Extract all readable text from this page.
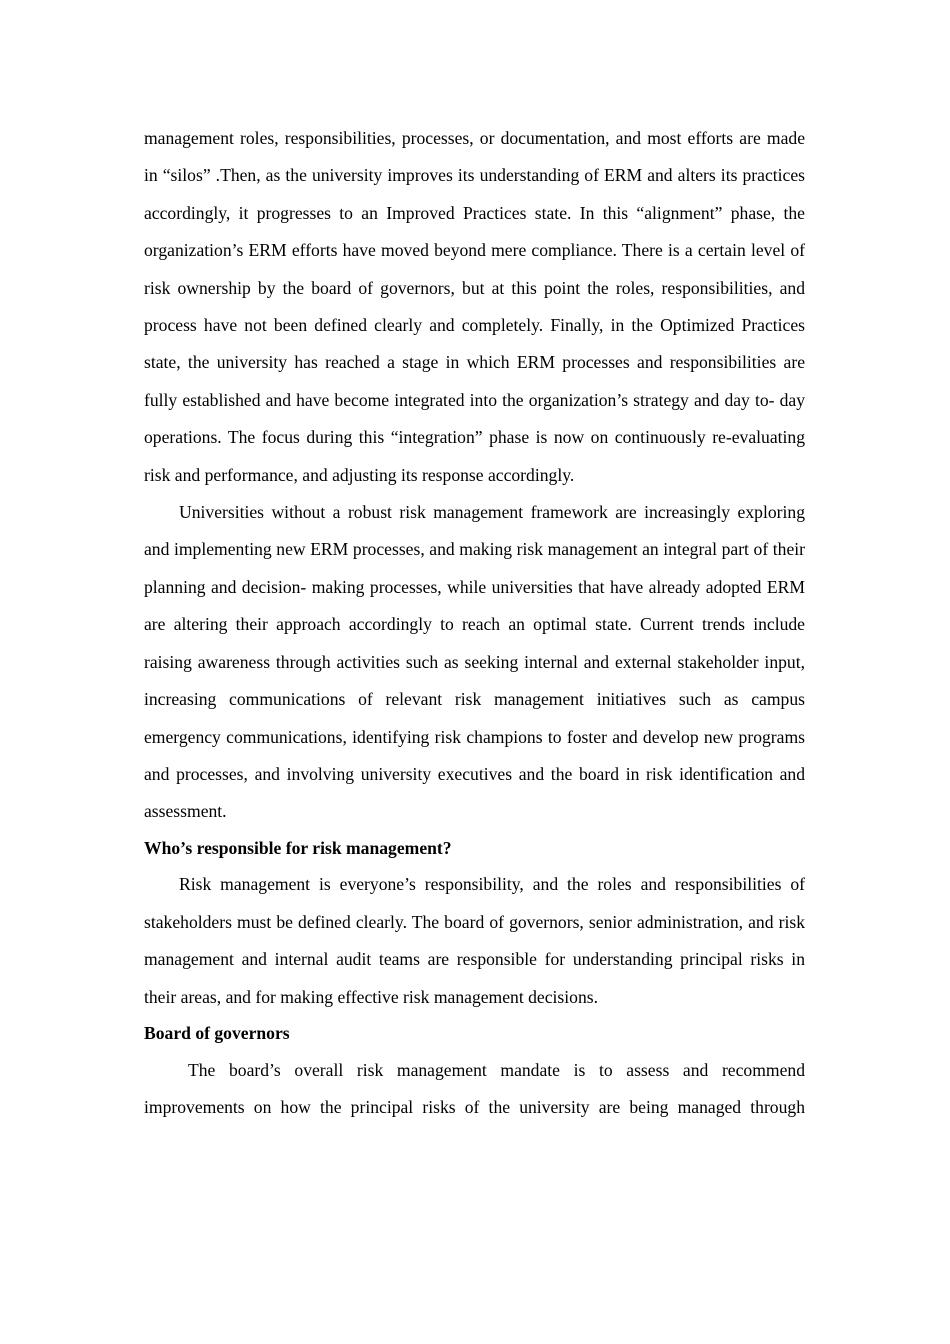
management roles, responsibilities, processes, or documentation, and most efforts are made in “silos” .Then, as the university improves its understanding of ERM and alters its practices accordingly, it progresses to an Improved Practices state. In this “alignment” phase, the organization’s ERM efforts have moved beyond mere compliance. There is a certain level of risk ownership by the board of governors, but at this point the roles, responsibilities, and process have not been defined clearly and completely. Finally, in the Optimized Practices state, the university has reached a stage in which ERM processes and responsibilities are fully established and have become integrated into the organization’s strategy and day to- day operations. The focus during this “integration” phase is now on continuously re-evaluating risk and performance, and adjusting its response accordingly.

Universities without a robust risk management framework are increasingly exploring and implementing new ERM processes, and making risk management an integral part of their planning and decision- making processes, while universities that have already adopted ERM are altering their approach accordingly to reach an optimal state. Current trends include raising awareness through activities such as seeking internal and external stakeholder input, increasing communications of relevant risk management initiatives such as campus emergency communications, identifying risk champions to foster and develop new programs and processes, and involving university executives and the board in risk identification and assessment.

Who’s responsible for risk management?

Risk management is everyone’s responsibility, and the roles and responsibilities of stakeholders must be defined clearly. The board of governors, senior administration, and risk management and internal audit teams are responsible for understanding principal risks in their areas, and for making effective risk management decisions.

Board of governors

The board’s overall risk management mandate is to assess and recommend improvements on how the principal risks of the university are being managed through
